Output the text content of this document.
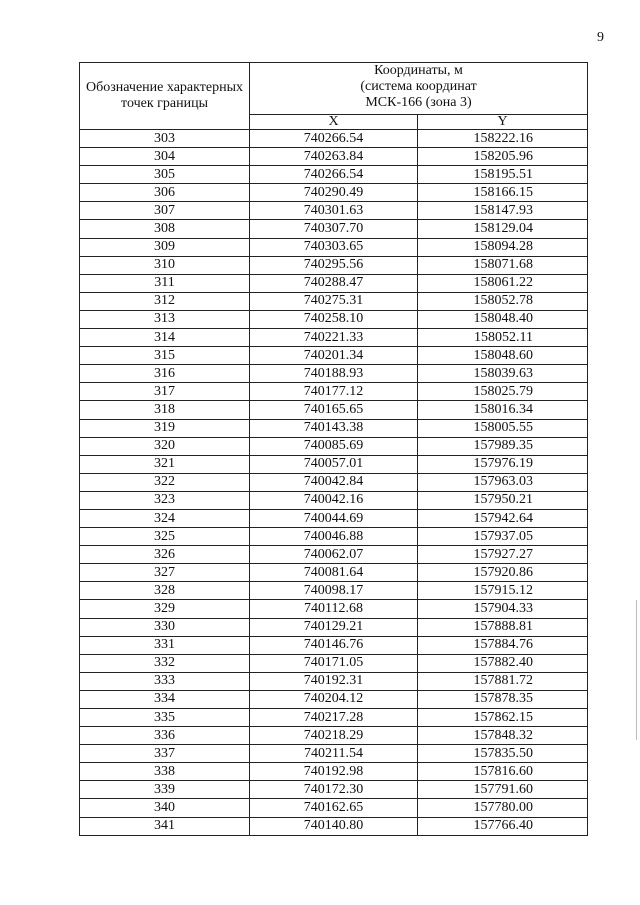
9
Обозначение характерных точек границы	Координаты, м
(система координат
МСК-166 (зона 3)	

	X	Y
303	740266.54	158222.16
304	740263.84	158205.96
305	740266.54	158195.51
306	740290.49	158166.15
307	740301.63	158147.93
308	740307.70	158129.04
309	740303.65	158094.28
310	740295.56	158071.68
311	740288.47	158061.22
312	740275.31	158052.78
313	740258.10	158048.40
314	740221.33	158052.11
315	740201.34	158048.60
316	740188.93	158039.63
317	740177.12	158025.79
318	740165.65	158016.34
319	740143.38	158005.55
320	740085.69	157989.35
321	740057.01	157976.19
322	740042.84	157963.03
323	740042.16	157950.21
324	740044.69	157942.64
325	740046.88	157937.05
326	740062.07	157927.27
327	740081.64	157920.86
328	740098.17	157915.12
329	740112.68	157904.33
330	740129.21	157888.81
331	740146.76	157884.76
332	740171.05	157882.40
333	740192.31	157881.72
334	740204.12	157878.35
335	740217.28	157862.15
336	740218.29	157848.32
337	740211.54	157835.50
338	740192.98	157816.60
339	740172.30	157791.60
340	740162.65	157780.00
341	740140.80	157766.40
